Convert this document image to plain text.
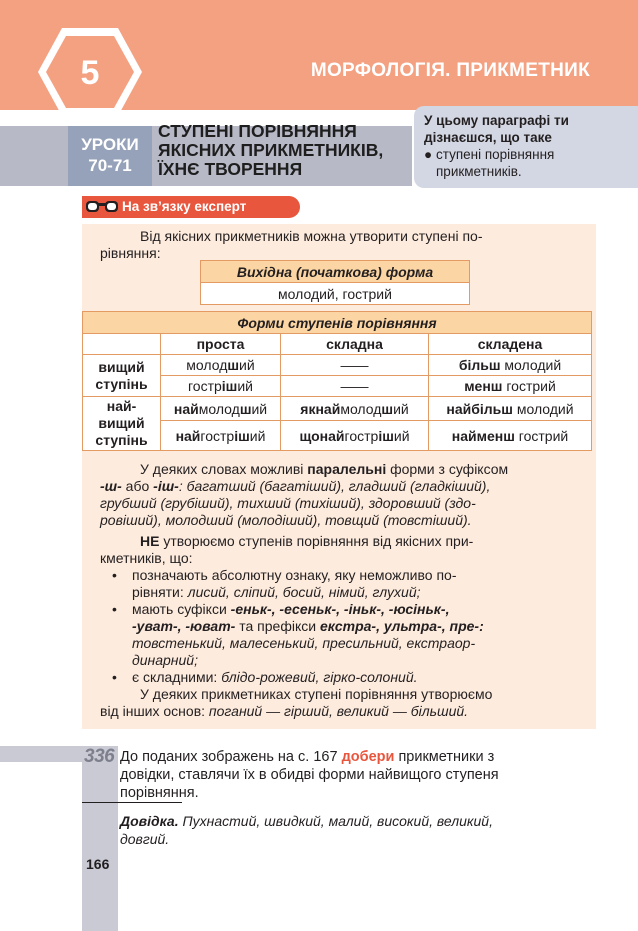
5	МОРФОЛОГІЯ. ПРИКМЕТНИК
УРОКИ
70-71
СТУПЕНІ ПОРІВНЯННЯ
ЯКІСНИХ ПРИКМЕТНИКІВ,
ЇХНЄ ТВОРЕННЯ
У цьому параграфі ти
дізнаєшся, що таке
● ступені порівняння
прикметників.
На зв’язку експерт
Від якісних прикметників можна утворити ступені по-
рівняння:
Вихідна (початкова) форма
молодий, гострий
Форми ступенів порівняння			
	проста	складна	складена
вищий
ступінь	молодший	——	більш молодий
	гостріший	——	менш гострий
най-
вищий
ступінь	наймолодший	якнаймолодший	найбільш молодий
	найгостріший	щонайгостріший	найменш гострий
У деяких словах можливі паралельні форми з суфіксом
-ш- або -іш-: багатший (багатіший), гладший (гладкіший),
грубший (грубіший), тихший (тихіший), здоровший (здо-
ровіший), молодший (молодіший), товщий (товстіший).
НЕ утворюємо ступенів порівняння від якісних при-
кметників, що:
• позначають абсолютну ознаку, яку неможливо по-
рівняти: лисий, сліпий, босий, німий, глухий;
• мають суфікси -еньк-, -есеньк-, -іньк-, -юсіньк-,
-уват-, -юват- та префікси екстра-, ультра-, пре-:
товстенький, малесенький, пресильний, екстраор-
динарний;
• є складними: блідо-рожевий, гірко-солоний.
У деяких прикметниках ступені порівняння утворюємо
від інших основ: поганий — гірший, великий — більший.
336 До поданих зображень на с. 167 добери прикметники з
довідки, ставлячи їх в обидві форми найвищого ступеня
порівняння.
Довідка. Пухнастий, швидкий, малий, високий, великий,
довгий.
166
